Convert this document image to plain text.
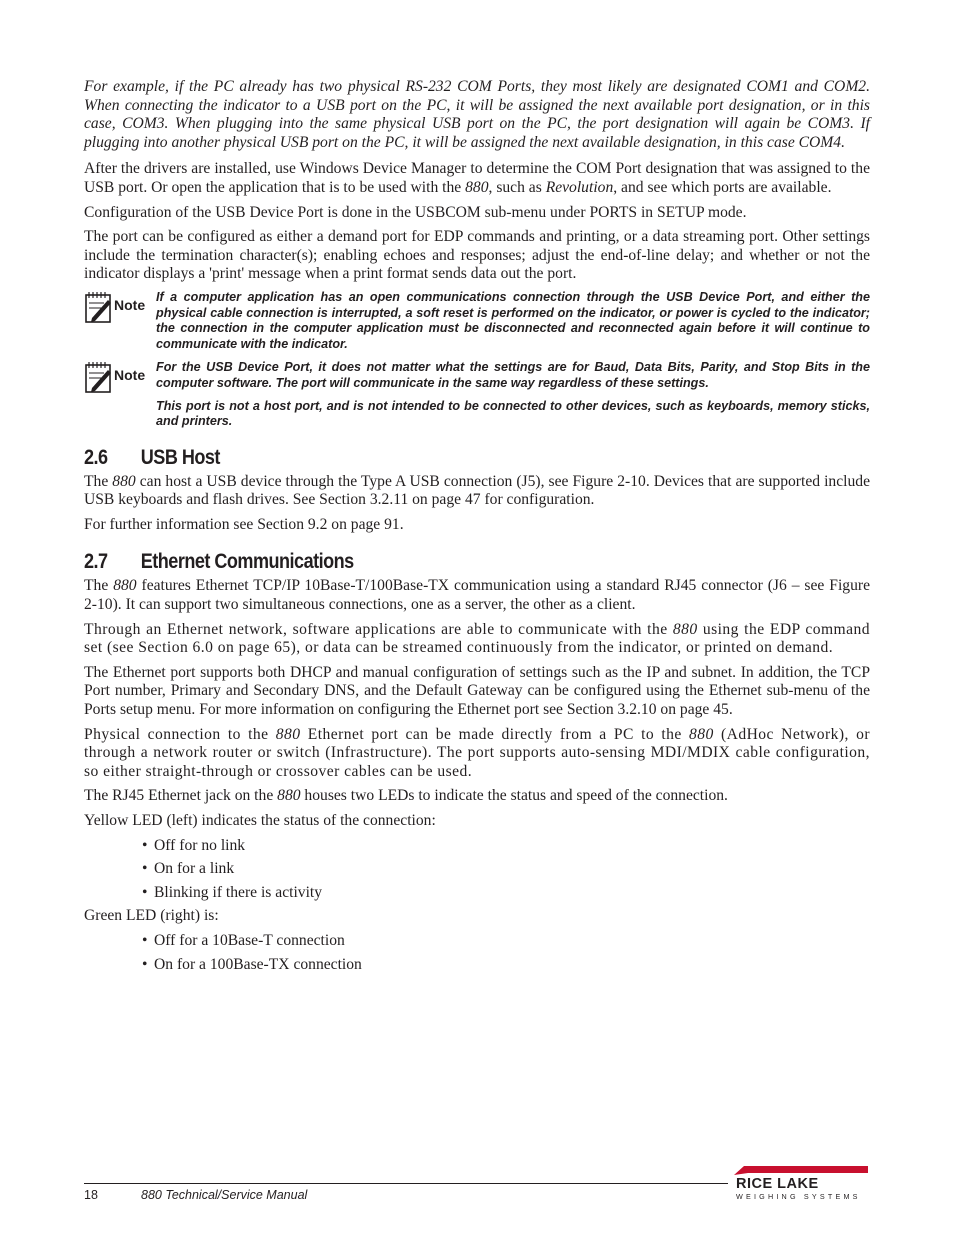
For example, if the PC already has two physical RS-232 COM Ports, they most likely are designated COM1 and COM2. When connecting the indicator to a USB port on the PC, it will be assigned the next available port designation, or in this case, COM3. When plugging into the same physical USB port on the PC, the port designation will again be COM3. If plugging into another physical USB port on the PC, it will be assigned the next available designation, in this case COM4.

After the drivers are installed, use Windows Device Manager to determine the COM Port designation that was assigned to the USB port. Or open the application that is to be used with the 880, such as Revolution, and see which ports are available.

Configuration of the USB Device Port is done in the USBCOM sub-menu under PORTS in SETUP mode.

The port can be configured as either a demand port for EDP commands and printing, or a data streaming port. Other settings include the termination character(s); enabling echoes and responses; adjust the end-of-line delay; and whether or not the indicator displays a 'print' message when a print format sends data out the port.

Note If a computer application has an open communications connection through the USB Device Port, and either the physical cable connection is interrupted, a soft reset is performed on the indicator, or power is cycled to the indicator; the connection in the computer application must be disconnected and reconnected again before it will continue to communicate with the indicator.

Note For the USB Device Port, it does not matter what the settings are for Baud, Data Bits, Parity, and Stop Bits in the computer software. The port will communicate in the same way regardless of these settings.

This port is not a host port, and is not intended to be connected to other devices, such as keyboards, memory sticks, and printers.

2.6 USB Host

The 880 can host a USB device through the Type A USB connection (J5), see Figure 2-10. Devices that are supported include USB keyboards and flash drives. See Section 3.2.11 on page 47 for configuration.

For further information see Section 9.2 on page 91.

2.7 Ethernet Communications

The 880 features Ethernet TCP/IP 10Base-T/100Base-TX communication using a standard RJ45 connector (J6 – see Figure 2-10). It can support two simultaneous connections, one as a server, the other as a client.

Through an Ethernet network, software applications are able to communicate with the 880 using the EDP command set (see Section 6.0 on page 65), or data can be streamed continuously from the indicator, or printed on demand.

The Ethernet port supports both DHCP and manual configuration of settings such as the IP and subnet. In addition, the TCP Port number, Primary and Secondary DNS, and the Default Gateway can be configured using the Ethernet sub-menu of the Ports setup menu. For more information on configuring the Ethernet port see Section 3.2.10 on page 45.

Physical connection to the 880 Ethernet port can be made directly from a PC to the 880 (AdHoc Network), or through a network router or switch (Infrastructure). The port supports auto-sensing MDI/MDIX cable configuration, so either straight-through or crossover cables can be used.

The RJ45 Ethernet jack on the 880 houses two LEDs to indicate the status and speed of the connection.

Yellow LED (left) indicates the status of the connection:

• Off for no link
• On for a link
• Blinking if there is activity

Green LED (right) is:

• Off for a 10Base-T connection
• On for a 100Base-TX connection
18	880 Technical/Service Manual
RICE LAKE
WEIGHING SYSTEMS
